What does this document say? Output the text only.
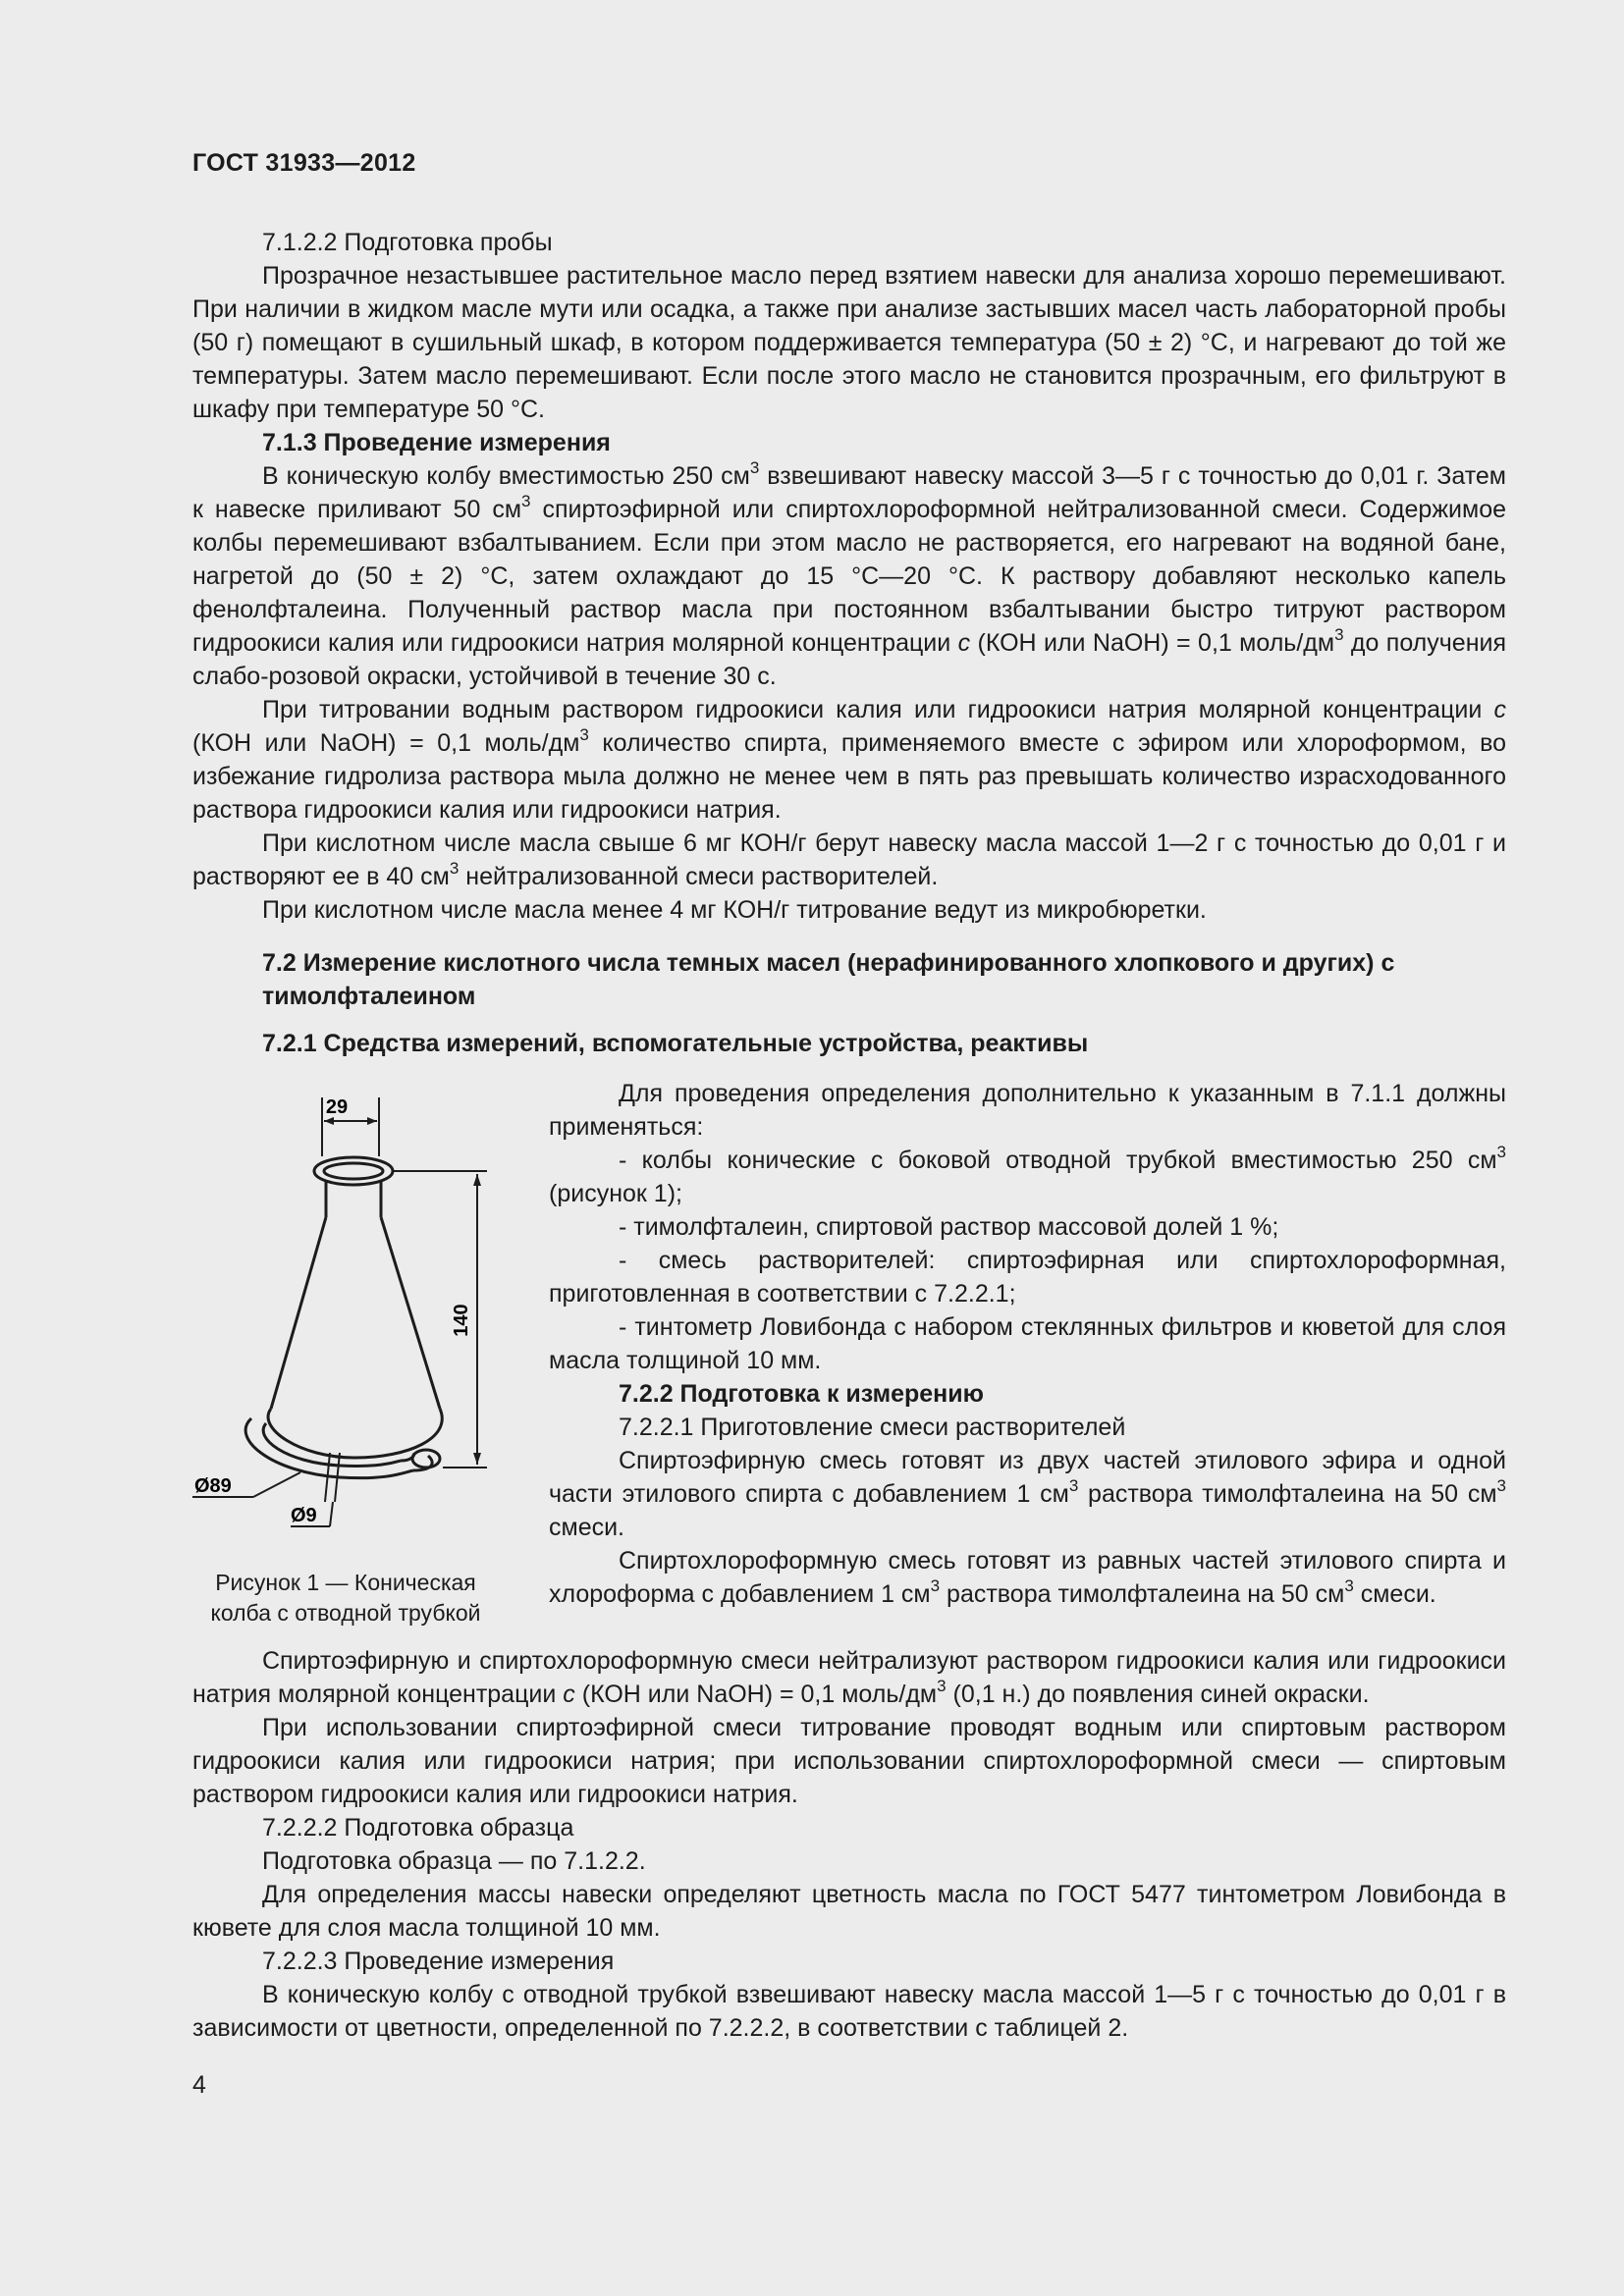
ГОСТ 31933—2012

7.1.2.2 Подготовка пробы

Прозрачное незастывшее растительное масло перед взятием навески для анализа хорошо перемешивают. При наличии в жидком масле мути или осадка, а также при анализе застывших масел часть лабораторной пробы (50 г) помещают в сушильный шкаф, в котором поддерживается температура (50 ± 2) °С, и нагревают до той же температуры. Затем масло перемешивают. Если после этого масло не становится прозрачным, его фильтруют в шкафу при температуре 50 °С.

7.1.3 Проведение измерения

В коническую колбу вместимостью 250 $см^3$ взвешивают навеску массой 3—5 г с точностью до 0,01 г. Затем к навеске приливают 50 $см^3$ спиртоэфирной или спиртохлороформной нейтрализованной смеси. Содержимое колбы перемешивают взбалтыванием. Если при этом масло не растворяется, его нагревают на водяной бане, нагретой до (50 ± 2) °С, затем охлаждают до 15 °С—20 °С. К раствору добавляют несколько капель фенолфталеина. Полученный раствор масла при постоянном взбалтывании быстро титруют раствором гидроокиси калия или гидроокиси натрия молярной концентрации с (КОН или NaOH) = 0,1 моль/$дм^3$ до получения слабо-розовой окраски, устойчивой в течение 30 с.

При титровании водным раствором гидроокиси калия или гидроокиси натрия молярной концентрации с (КОН или NaOH) = 0,1 моль/$дм^3$ количество спирта, применяемого вместе с эфиром или хлороформом, во избежание гидролиза раствора мыла должно не менее чем в пять раз превышать количество израсходованного раствора гидроокиси калия или гидроокиси натрия.

При кислотном числе масла свыше 6 мг КОН/г берут навеску масла массой 1—2 г с точностью до 0,01 г и растворяют ее в 40 $см^3$ нейтрализованной смеси растворителей.

При кислотном числе масла менее 4 мг КОН/г титрование ведут из микробюретки.

7.2 Измерение кислотного числа темных масел (нерафинированного хлопкового и других) с тимолфталеином

7.2.1 Средства измерений, вспомогательные устройства, реактивы

Для проведения определения дополнительно к указанным в 7.1.1 должны применяться:

- колбы конические с боковой отводной трубкой вместимостью 250 $см^3$ (рисунок 1);

- тимолфталеин, спиртовой раствор массовой долей 1 %;

- смесь растворителей: спиртоэфирная или спиртохлороформная, приготовленная в соответствии с 7.2.2.1;

- тинтометр Ловибонда с набором стеклянных фильтров и кюветой для слоя масла толщиной 10 мм.

7.2.2 Подготовка к измерению

7.2.2.1 Приготовление смеси растворителей

Спиртоэфирную смесь готовят из двух частей этилового эфира и одной части этилового спирта с добавлением 1 $см^3$ раствора тимолфталеина на 50 $см^3$ смеси.

Спиртохлороформную смесь готовят из равных частей этилового спирта и хлороформа с добавлением 1 $см^3$ раствора тимолфталеина на 50 $см^3$ смеси.

29
140
Ø89
Ø9
Рисунок 1 — Коническая колба с отводной трубкой

Спиртоэфирную и спиртохлороформную смеси нейтрализуют раствором гидроокиси калия или гидроокиси натрия молярной концентрации с (КОН или NaOH) = 0,1 моль/$дм^3$ (0,1 н.) до появления синей окраски.

При использовании спиртоэфирной смеси титрование проводят водным или спиртовым раствором гидроокиси калия или гидроокиси натрия; при использовании спиртохлороформной смеси — спиртовым раствором гидроокиси калия или гидроокиси натрия.

7.2.2.2 Подготовка образца

Подготовка образца — по 7.1.2.2.

Для определения массы навески определяют цветность масла по ГОСТ 5477 тинтометром Ловибонда в кювете для слоя масла толщиной 10 мм.

7.2.2.3 Проведение измерения

В коническую колбу с отводной трубкой взвешивают навеску масла массой 1—5 г с точностью до 0,01 г в зависимости от цветности, определенной по 7.2.2.2, в соответствии с таблицей 2.

4
